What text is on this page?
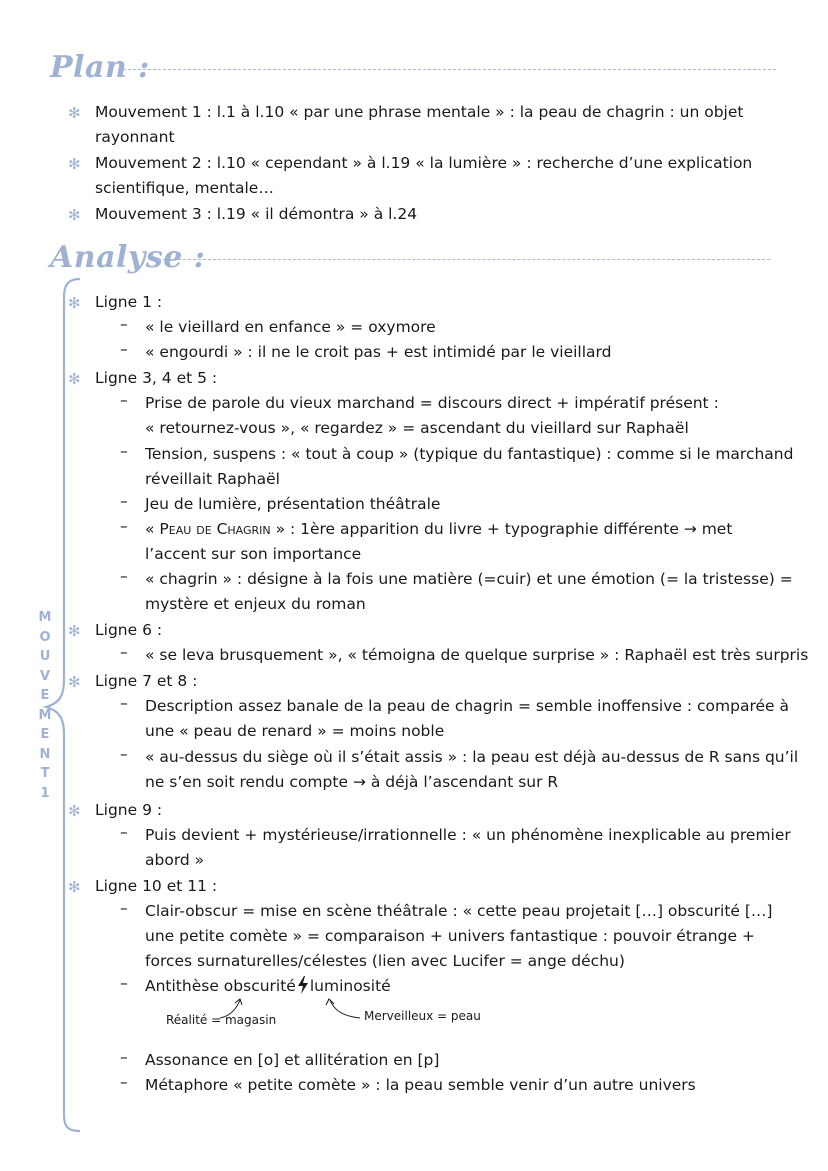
Plan :
✻ Mouvement 1 : l.1 à l.10 « par une phrase mentale » : la peau de chagrin : un objet
rayonnant
✻ Mouvement 2 : l.10 « cependant » à l.19 « la lumière » : recherche d’une explication
scientifique, mentale…
✻ Mouvement 3 : l.19 « il démontra » à l.24
Analyse :
M
O
U
V
E
M
E
N
T
1
✻ Ligne 1 :
– « le vieillard en enfance » = oxymore
– « engourdi » : il ne le croit pas + est intimidé par le vieillard
✻ Ligne 3, 4 et 5 :
– Prise de parole du vieux marchand = discours direct + impératif présent :
« retournez-vous », « regardez » = ascendant du vieillard sur Raphaël
– Tension, suspens : « tout à coup » (typique du fantastique) : comme si le marchand
réveillait Raphaël
– Jeu de lumière, présentation théâtrale
– « Peau de Chagrin » : 1ère apparition du livre + typographie différente → met
l’accent sur son importance
– « chagrin » : désigne à la fois une matière (=cuir) et une émotion (= la tristesse) =
mystère et enjeux du roman
✻ Ligne 6 :
– « se leva brusquement », « témoigna de quelque surprise » : Raphaël est très surpris
✻ Ligne 7 et 8 :
– Description assez banale de la peau de chagrin = semble inoffensive : comparée à
une « peau de renard » = moins noble
– « au-dessus du siège où il s’était assis » : la peau est déjà au-dessus de R sans qu’il
ne s’en soit rendu compte → à déjà l’ascendant sur R
✻ Ligne 9 :
– Puis devient + mystérieuse/irrationnelle : « un phénomène inexplicable au premier
abord »
✻ Ligne 10 et 11 :
– Clair-obscur = mise en scène théâtrale : « cette peau projetait […] obscurité […]
une petite comète » = comparaison + univers fantastique : pouvoir étrange +
forces surnaturelles/célestes (lien avec Lucifer = ange déchu)
– Antithèse obscurité luminosité
Réalité = magasin	Merveilleux = peau
– Assonance en [o] et allitération en [p]
– Métaphore « petite comète » : la peau semble venir d’un autre univers
